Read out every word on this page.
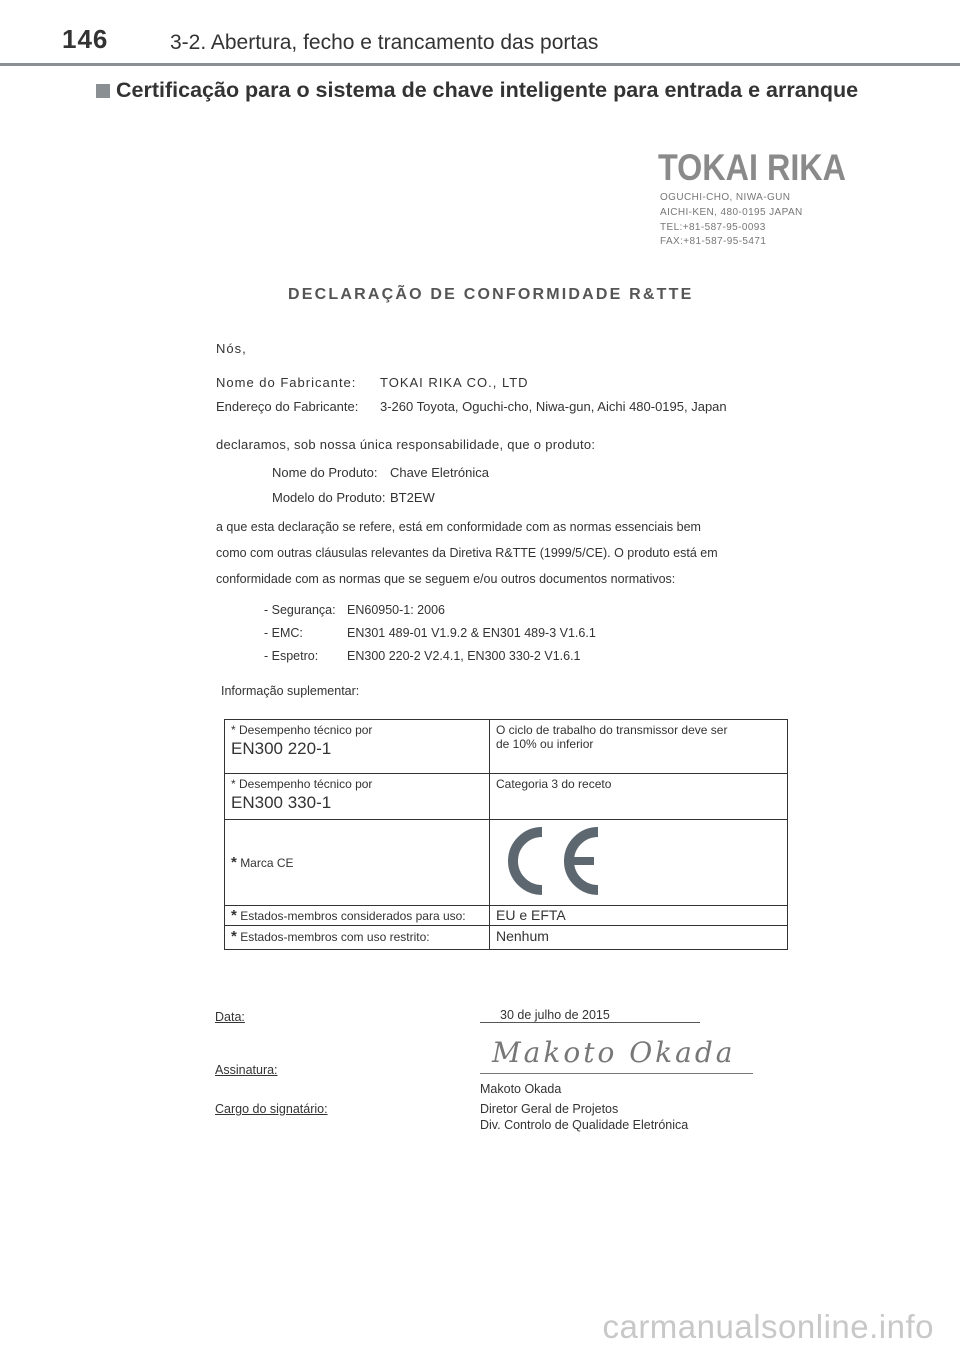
146	3-2. Abertura, fecho e trancamento das portas
Certificação para o sistema de chave inteligente para entrada e arranque
TOKAI RIKA
OGUCHI-CHO, NIWA-GUN
AICHI-KEN, 480-0195 JAPAN
TEL:+81-587-95-0093
FAX:+81-587-95-5471
DECLARAÇÃO DE CONFORMIDADE R&TTE
Nós,
Nome do Fabricante: TOKAI RIKA CO., LTD
Endereço do Fabricante: 3-260 Toyota, Oguchi-cho, Niwa-gun, Aichi 480-0195, Japan
declaramos, sob nossa única responsabilidade, que o produto:
Nome do Produto: Chave Eletrónica
Modelo do Produto: BT2EW
a que esta declaração se refere, está em conformidade com as normas essenciais bem
como com outras cláusulas relevantes da Diretiva R&TTE (1999/5/CE). O produto está em
conformidade com as normas que se seguem e/ou outros documentos normativos:
- Segurança: EN60950-1: 2006
- EMC:	EN301 489-01 V1.9.2 & EN301 489-3 V1.6.1
- Espetro: EN300 220-2 V2.4.1, EN300 330-2 V1.6.1
Informação suplementar:
* Desempenho técnico por
EN300 220-1	O ciclo de trabalho do transmissor deve ser de 10% ou inferior

* Desempenho técnico por
EN300 330-1	Categoria 3 do receto
* Marca CE	
* Estados-membros considerados para uso:	EU e EFTA
* Estados-membros com uso restrito:	Nenhum
Data:	30 de julho de 2015
Makoto Okada
Assinatura:
Makoto Okada
Cargo do signatário:	Diretor Geral de Projetos
Div. Controlo de Qualidade Eletrónica
carmanualsonline.info
